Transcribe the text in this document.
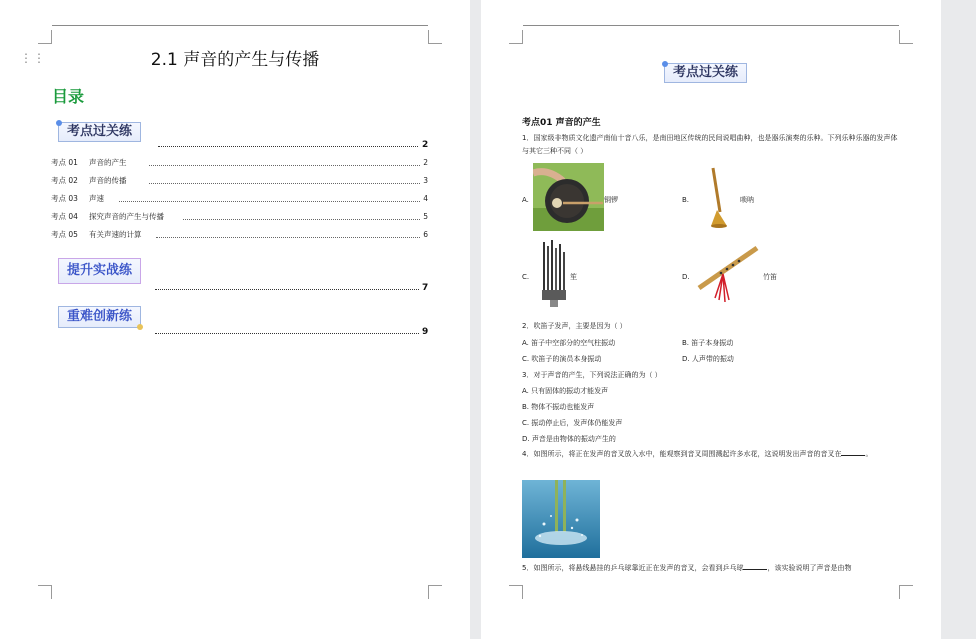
⋮⋮	2.1 声音的产生与传播
目录
考点过关练
2
考点 01 声音的产生	2
考点 02 声音的传播	3
考点 03 声速	4
考点 04 探究声音的产生与传播	5
考点 05 有关声速的计算	6
提升实战练
7
重难创新练
9
考点过关练
考点01 声音的产生
1．国家级非物质文化遗产南仙十音八乐，是南田地区传统的民间说唱曲种，也是器乐演奏的乐种。下列乐种乐器的发声体与其它三种不同（ ）
A.	铜锣	B.	唢呐
C.	笙	D.	竹笛
2．吹笛子发声，主要是因为（ ）
A. 笛子中空部分的空气柱振动	B. 笛子本身振动
C. 吹笛子的演员本身振动	D. 人声带的振动
3．对于声音的产生，下列说法正确的为（ ）
A. 只有固体的振动才能发声
B. 物体不振动也能发声
C. 振动停止后，发声体仍能发声
D. 声音是由物体的振动产生的
4．如图所示，将正在发声的音叉放入水中，能观察到音叉周围溅起许多水花，这说明发出声音的音叉在	。
5．如图所示，将悬线悬挂的乒乓球靠近正在发声的音叉，会看到乒乓球	，该实验说明了声音是由物
